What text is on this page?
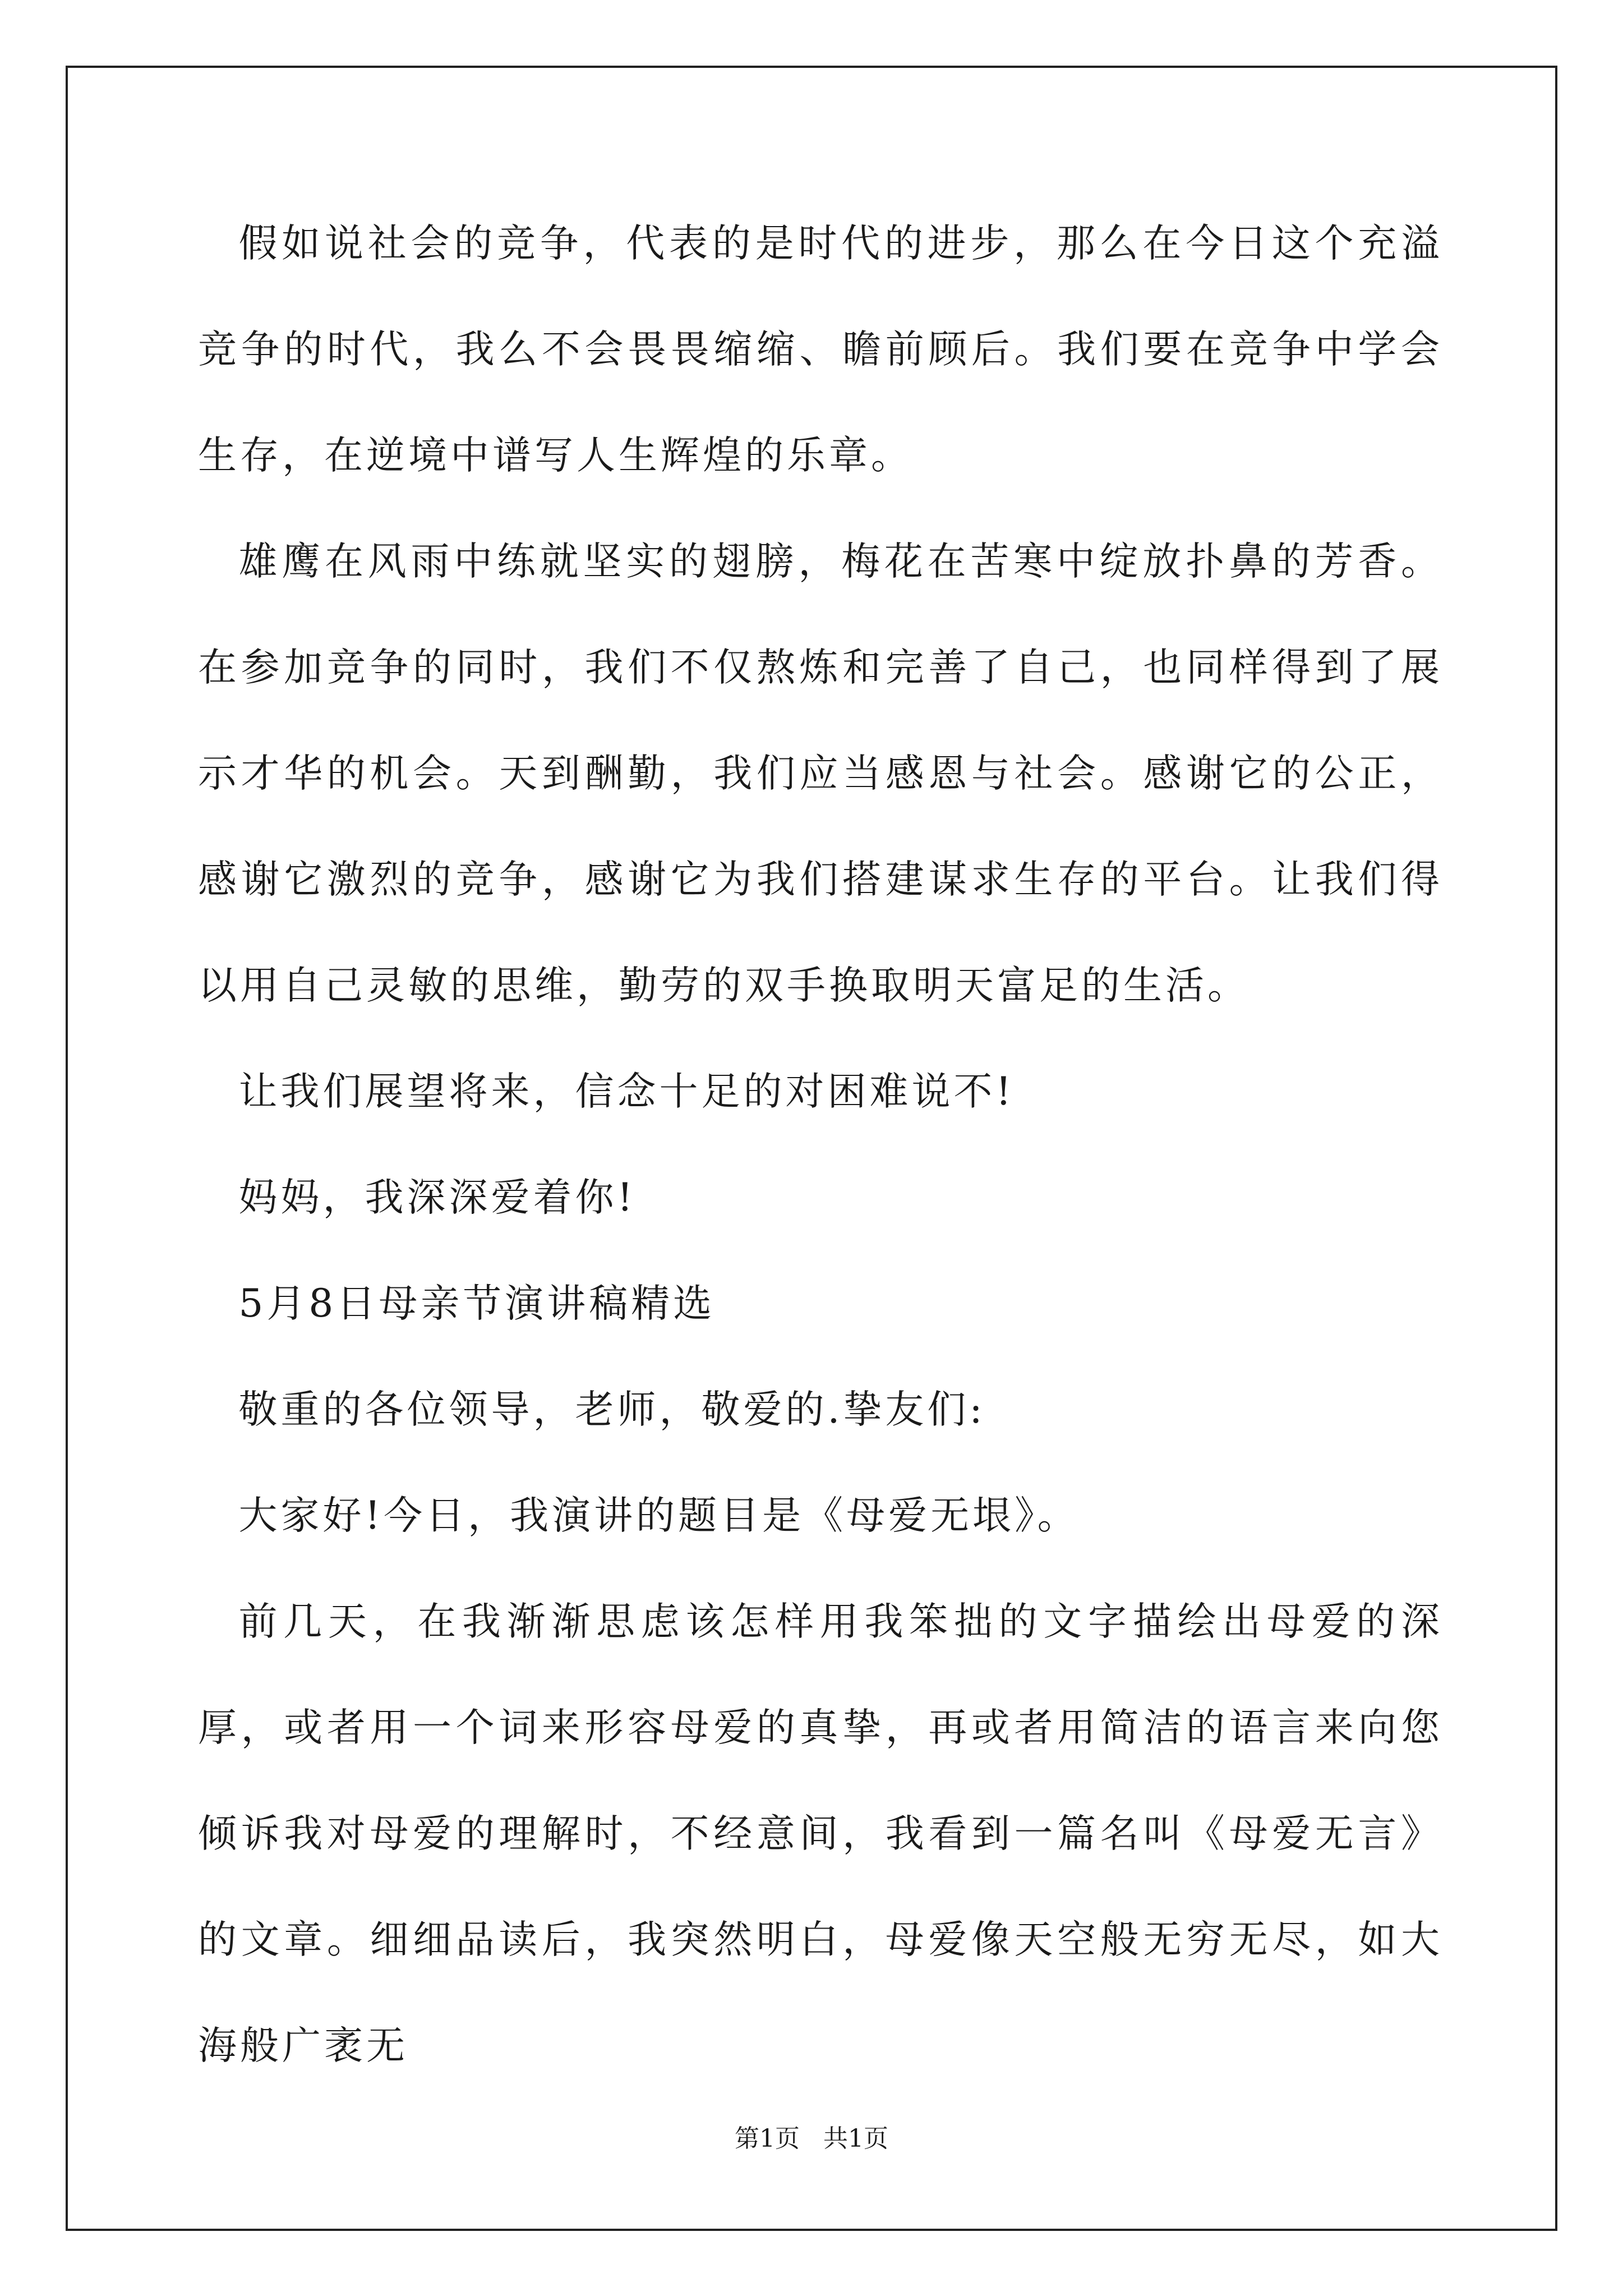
假如说社会的竞争，代表的是时代的进步，那么在今日这个充溢竞争的时代，我么不会畏畏缩缩、瞻前顾后。我们要在竞争中学会生存，在逆境中谱写人生辉煌的乐章。

雄鹰在风雨中练就坚实的翅膀，梅花在苦寒中绽放扑鼻的芳香。在参加竞争的同时，我们不仅熬炼和完善了自己，也同样得到了展示才华的机会。天到酬勤，我们应当感恩与社会。感谢它的公正，感谢它激烈的竞争，感谢它为我们搭建谋求生存的平台。让我们得以用自己灵敏的思维，勤劳的双手换取明天富足的生活。

让我们展望将来，信念十足的对困难说不!

妈妈，我深深爱着你!

5月8日母亲节演讲稿精选

敬重的各位领导，老师，敬爱的.挚友们:

大家好!今日，我演讲的题目是《母爱无垠》。

前几天，在我渐渐思虑该怎样用我笨拙的文字描绘出母爱的深厚，或者用一个词来形容母爱的真挚，再或者用简洁的语言来向您倾诉我对母爱的理解时，不经意间，我看到一篇名叫《母爱无言》的文章。细细品读后，我突然明白，母爱像天空般无穷无尽，如大海般广袤无

第1页   共1页
